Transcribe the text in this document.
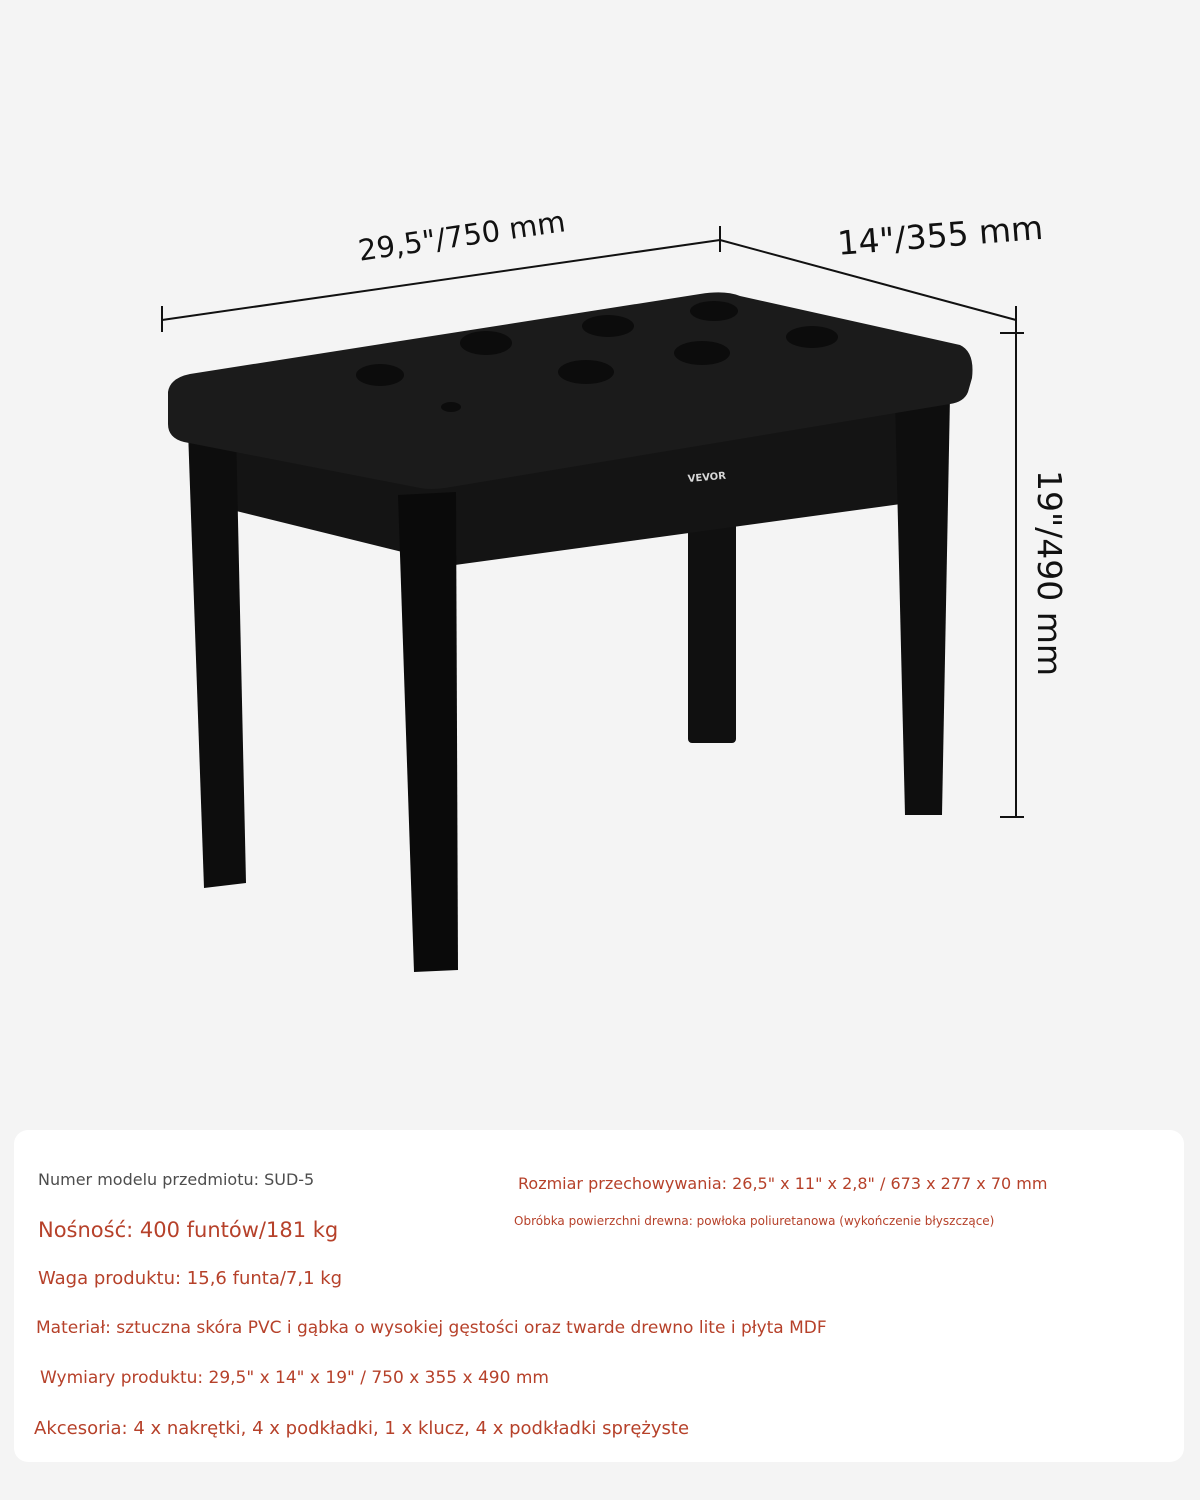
VEVOR
29,5"/750 mm	14"/355 mm
19"/490 mm
Numer modelu przedmiotu: SUD-5
Nośność: 400 funtów/181 kg
Waga produktu: 15,6 funta/7,1 kg
Materiał: sztuczna skóra PVC i gąbka o wysokiej gęstości oraz twarde drewno lite i płyta MDF
Wymiary produktu: 29,5" x 14" x 19" / 750 x 355 x 490 mm
Akcesoria: 4 x nakrętki, 4 x podkładki, 1 x klucz, 4 x podkładki sprężyste
Rozmiar przechowywania: 26,5" x 11" x 2,8" / 673 x 277 x 70 mm
Obróbka powierzchni drewna: powłoka poliuretanowa (wykończenie błyszczące)
